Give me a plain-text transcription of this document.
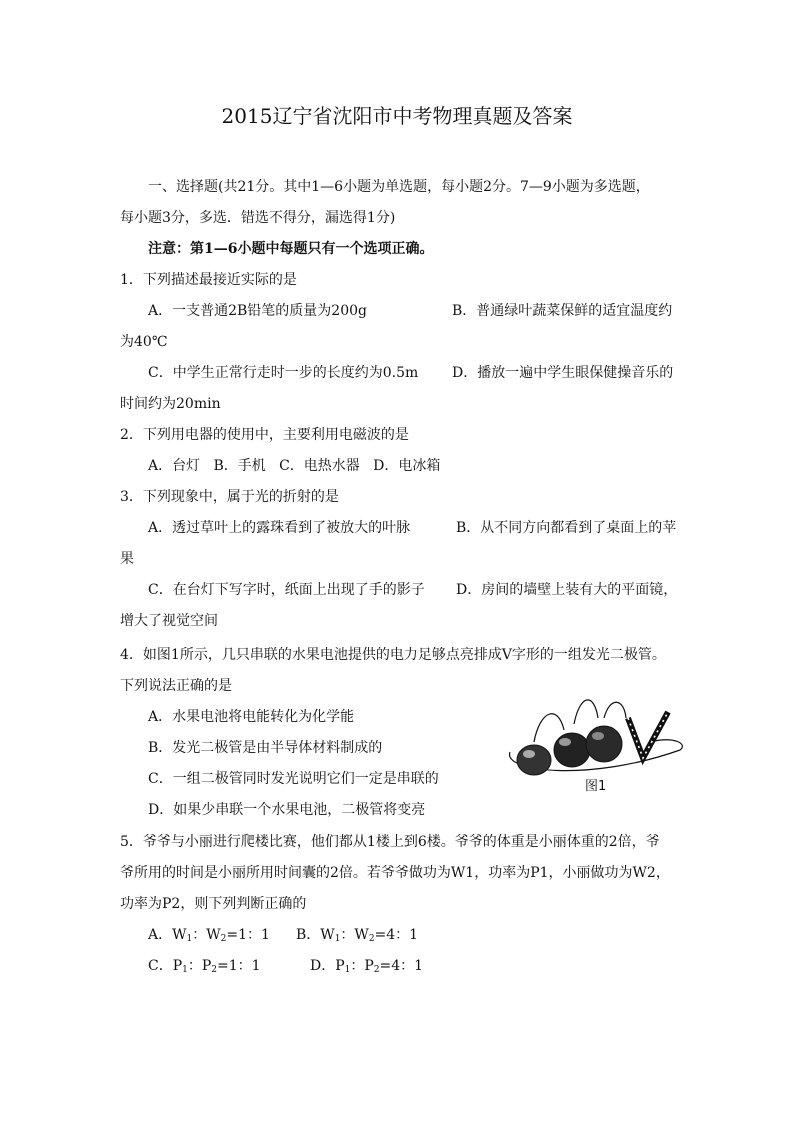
2015辽宁省沈阳市中考物理真题及答案
一、选择题(共21分。其中1—6小题为单选题，每小题2分。7—9小题为多选题，
每小题3分，多选．错选不得分，漏选得1分)
注意：第1—6小题中每题只有一个选项正确。
1．下列描述最接近实际的是
A．一支普通2B铅笔的质量为200g	B．普通绿叶蔬菜保鲜的适宜温度约
为40℃
C．中学生正常行走时一步的长度约为0.5m D．播放一遍中学生眼保健操音乐的
时间约为20min
2．下列用电器的使用中，主要利用电磁波的是
A．台灯   B．手机   C．电热水器   D．电冰箱
3．下列现象中，属于光的折射的是
A．透过草叶上的露珠看到了被放大的叶脉	B．从不同方向都看到了桌面上的苹
果
C．在台灯下写字时，纸面上出现了手的影子 D．房间的墙壁上装有大的平面镜，
增大了视觉空间
4．如图1所示，几只串联的水果电池提供的电力足够点亮排成V字形的一组发光二极管。
下列说法正确的是
A．水果电池将电能转化为化学能
B．发光二极管是由半导体材料制成的
C．一组二极管同时发光说明它们一定是串联的
D．如果少串联一个水果电池，二极管将变亮
图1
5．爷爷与小丽进行爬楼比赛，他们都从1楼上到6楼。爷爷的体重是小丽体重的2倍，爷
爷所用的时间是小丽所用时间囊的2倍。若爷爷做功为W1，功率为P1，小丽做功为W2，
功率为P2，则下列判断正确的
A．$W_1$：$W_2=1$：1 B．$W_1$：$W_2=4$：1
C．$P_1$：$P_2=1$：1	D．$P_1$：$P_2=4$：1
